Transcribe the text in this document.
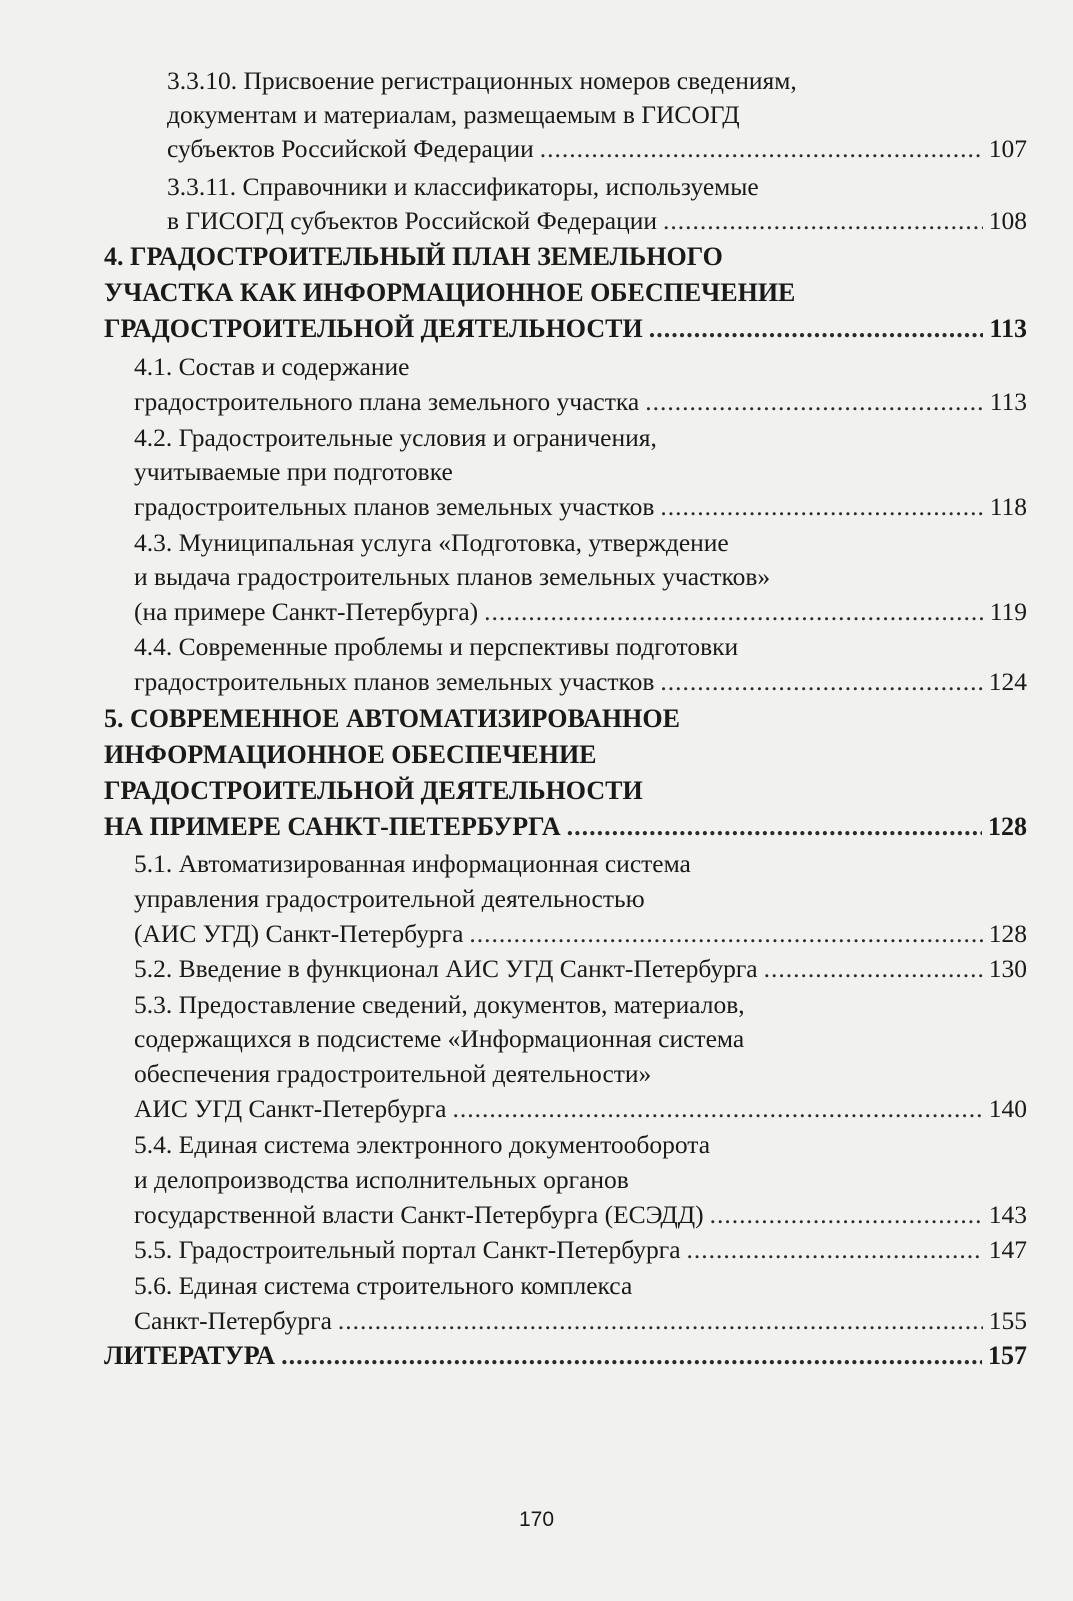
3.3.10. Присвоение регистрационных номеров сведениям,
документам и материалам, размещаемым в ГИСОГД
субъектов Российской Федерации .....	107
3.3.11. Справочники и классификаторы, используемые
в ГИСОГД субъектов Российской Федерации .....	108
4. ГРАДОСТРОИТЕЛЬНЫЙ ПЛАН ЗЕМЕЛЬНОГО
УЧАСТКА КАК ИНФОРМАЦИОННОЕ ОБЕСПЕЧЕНИЕ
ГРАДОСТРОИТЕЛЬНОЙ ДЕЯТЕЛЬНОСТИ .....	113
4.1. Состав и содержание
градостроительного плана земельного участка .....	113
4.2. Градостроительные условия и ограничения,
учитываемые при подготовке
градостроительных планов земельных участков .....	118
4.3. Муниципальная услуга «Подготовка, утверждение
и выдача градостроительных планов земельных участков»
(на примере Санкт-Петербурга) .....	119
4.4. Современные проблемы и перспективы подготовки
градостроительных планов земельных участков .....	124
5. СОВРЕМЕННОЕ АВТОМАТИЗИРОВАННОЕ
ИНФОРМАЦИОННОЕ ОБЕСПЕЧЕНИЕ
ГРАДОСТРОИТЕЛЬНОЙ ДЕЯТЕЛЬНОСТИ
НА ПРИМЕРЕ САНКТ-ПЕТЕРБУРГА .....	128
5.1. Автоматизированная информационная система
управления градостроительной деятельностью
(АИС УГД) Санкт-Петербурга .....	128
5.2. Введение в функционал АИС УГД Санкт-Петербурга .....	130
5.3. Предоставление сведений, документов, материалов,
содержащихся в подсистеме «Информационная система
обеспечения градостроительной деятельности»
АИС УГД Санкт-Петербурга .....	140
5.4. Единая система электронного документооборота
и делопроизводства исполнительных органов
государственной власти Санкт-Петербурга (ЕСЭДД) .....	143
5.5. Градостроительный портал Санкт-Петербурга .....	147
5.6. Единая система строительного комплекса
Санкт-Петербурга .....	155
ЛИТЕРАТУРА .....	157
170
